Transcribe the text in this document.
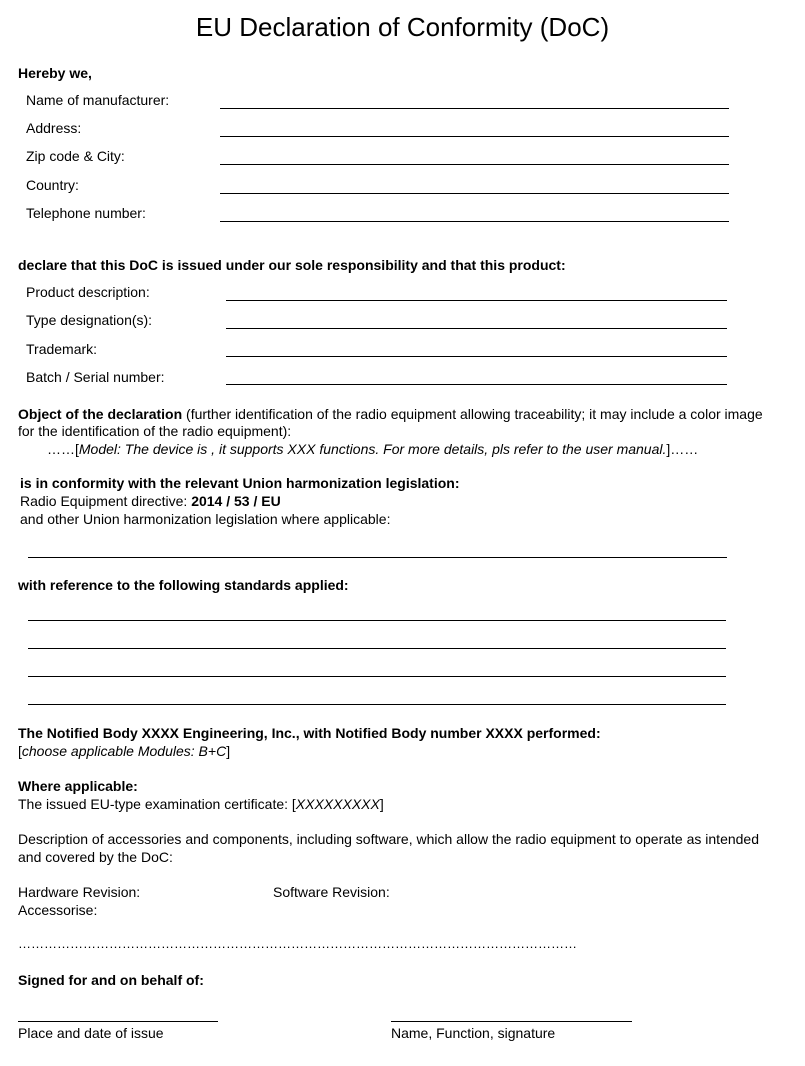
EU Declaration of Conformity (DoC)
Hereby we,
Name of manufacturer:
Address:
Zip code & City:
Country:
Telephone number:
declare that this DoC is issued under our sole responsibility and that this product:
Product description:
Type designation(s):
Trademark:
Batch / Serial number:
Object of the declaration (further identification of the radio equipment allowing traceability; it may include a color image for the identification of the radio equipment):
……[Model: The device is , it supports XXX functions. For more details, pls refer to the user manual.]……
is in conformity with the relevant Union harmonization legislation:
Radio Equipment directive: 2014 / 53 / EU
and other Union harmonization legislation where applicable:
with reference to the following standards applied:
The Notified Body XXXX Engineering, Inc., with Notified Body number XXXX performed:
[choose applicable Modules: B+C]
Where applicable:
The issued EU-type examination certificate: [XXXXXXXXX]
Description of accessories and components, including software, which allow the radio equipment to operate as intended and covered by the DoC:
Hardware Revision:	Software Revision:
Accessorise:
…………………………………………………………………………………………………………………
Signed for and on behalf of:
Place and date of issue	Name, Function, signature
